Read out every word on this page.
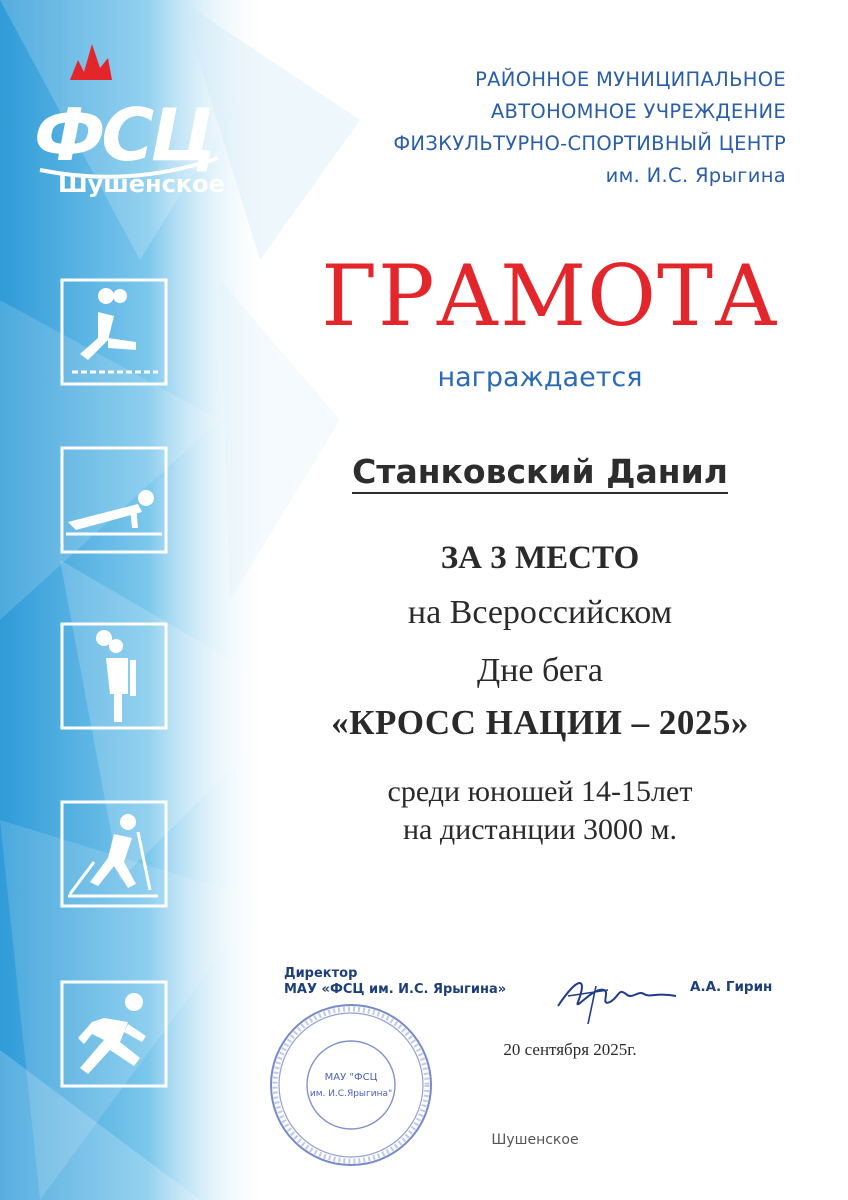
ФСЦ
Шушенское
РАЙОННОЕ МУНИЦИПАЛЬНОЕ
АВТОНОМНОЕ УЧРЕЖДЕНИЕ
ФИЗКУЛЬТУРНО-СПОРТИВНЫЙ ЦЕНТР
им. И.С. Ярыгина
ГРАМОТА
награждается
Станковский Данил
ЗА 3 МЕСТО
на Всероссийском
Дне бега
«КРОСС НАЦИИ – 2025»
среди юношей 14-15лет
на дистанции 3000 м.
Директор
МАУ «ФСЦ им. И.С. Ярыгина»	А.А. Гирин
МАУ "ФСЦ
им. И.С.Ярыгина"
20 сентября 2025г.
Шушенское
